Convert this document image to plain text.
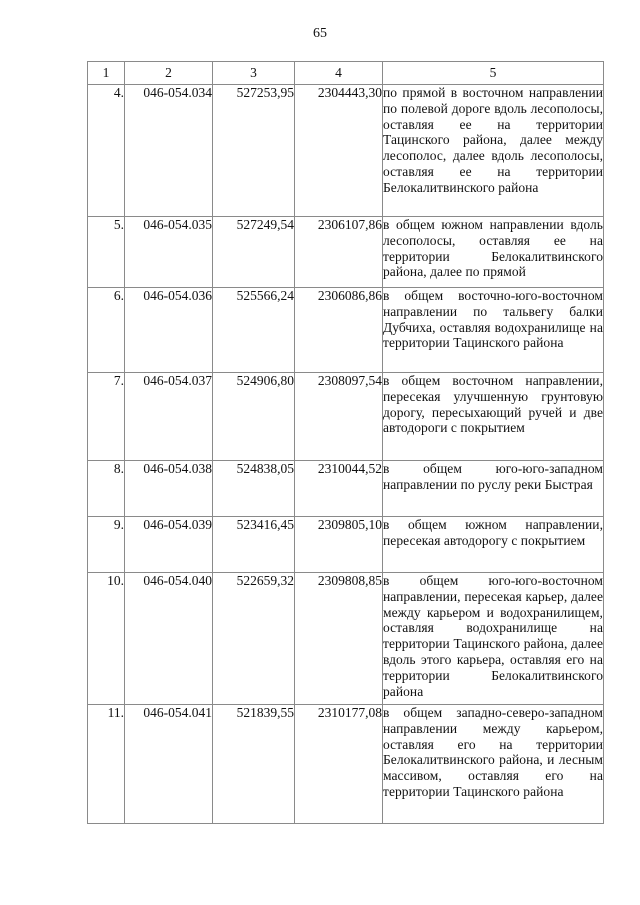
65
1	2	3	4	5
4.	046-054.034	527253,95	2304443,30	по прямой в восточном направлении по полевой дороге вдоль лесополосы, оставляя ее на территории Тацинского района, далее между лесополос, далее вдоль лесополосы, оставляя ее на территории Белокалитвинского района
5.	046-054.035	527249,54	2306107,86	в общем южном направлении вдоль лесополосы, оставляя ее на территории Белокалитвинского района, далее по прямой
6.	046-054.036	525566,24	2306086,86	в общем восточно-юго-восточном направлении по тальвегу балки Дубчиха, оставляя водохранилище на территории Тацинского района
7.	046-054.037	524906,80	2308097,54	в общем восточном направлении, пересекая улучшенную грунтовую дорогу, пересыхающий ручей и две автодороги с покрытием
8.	046-054.038	524838,05	2310044,52	в общем юго-юго-западном направлении по руслу реки Быстрая
9.	046-054.039	523416,45	2309805,10	в общем южном направлении, пересекая автодорогу с покрытием
10.	046-054.040	522659,32	2309808,85	в общем юго-юго-восточном направлении, пересекая карьер, далее между карьером и водохранилищем, оставляя водохранилище на территории Тацинского района, далее вдоль этого карьера, оставляя его на территории Белокалитвинского района
11.	046-054.041	521839,55	2310177,08	в общем западно-северо-западном направлении между карьером, оставляя его на территории Белокалитвинского района, и лесным массивом, оставляя его на территории Тацинского района
